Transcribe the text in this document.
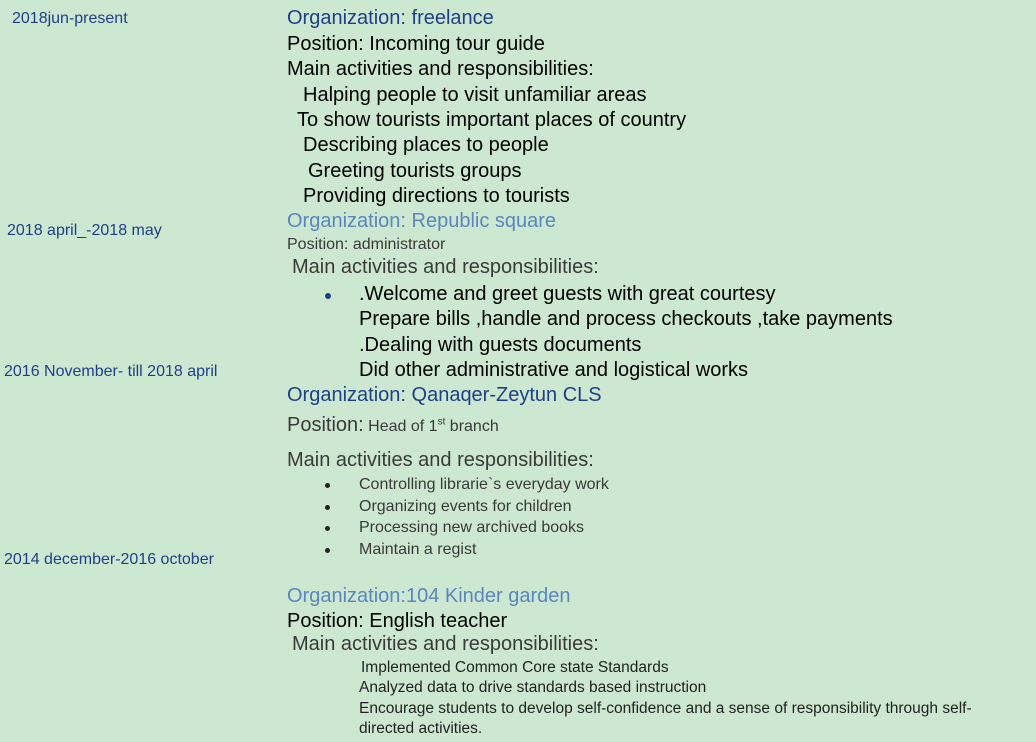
2018jun-present
2018 april_-2018 may
2016 November- till 2018 april
2014 december-2016 october
Organization: freelance
Position: Incoming tour guide
Main activities and responsibilities:
Halping people to visit unfamiliar areas
To show tourists important places of country
Describing places to people
Greeting tourists groups
Providing directions to tourists
Organization: Republic square
Position: administrator
Main activities and responsibilities:
.Welcome and greet guests with great courtesy
Prepare bills ,handle and process checkouts ,take payments
.Dealing with guests documents
Did other administrative and logistical works
Organization: Qanaqer-Zeytun CLS
Position: Head of 1st branch
Main activities and responsibilities:
Controlling librarie`s everyday work
Organizing events for children
Processing new archived books
Maintain a regist
Organization:104 Kinder garden
Position: English teacher
Main activities and responsibilities:
Implemented Common Core state Standards
Analyzed data to drive standards based instruction
Encourage students to develop self-confidence and a sense of responsibility through self-
directed activities.
